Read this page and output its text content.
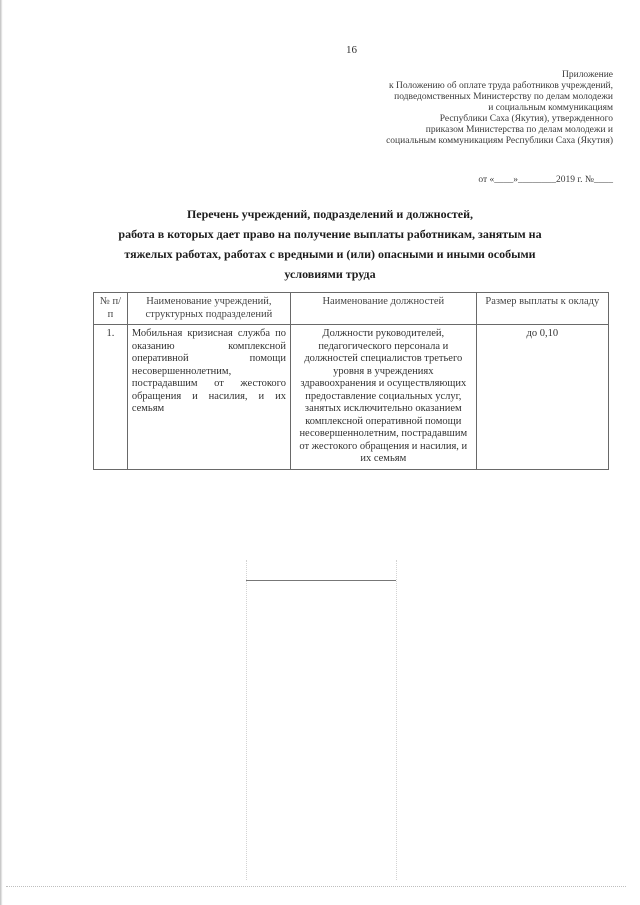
16
Приложение
к Положению об оплате труда работников учреждений,
подведомственных Министерству по делам молодежи
и социальным коммуникациям
Республики Саха (Якутия), утвержденного
приказом Министерства по делам молодежи и
социальным коммуникациям Республики Саха (Якутия)
от «____»________2019 г. №____
Перечень учреждений, подразделений и должностей,
работа в которых дает право на получение выплаты работникам, занятым на
тяжелых работах, работах с вредными и (или) опасными и иными особыми
условиями труда
№ п/п	Наименование учреждений, структурных подразделений	Наименование должностей	Размер выплаты к окладу
1.	Мобильная кризисная служба по оказанию комплексной оперативной помощи несовершеннолетним, пострадавшим от жестокого обращения и насилия, и их семьям	Должности руководителей, педагогического персонала и должностей специалистов третьего уровня в учреждениях здравоохранения и осуществляющих предоставление социальных услуг, занятых исключительно оказанием комплексной оперативной помощи несовершеннолетним, пострадавшим от жестокого обращения и насилия, и их семьям	до 0,10
